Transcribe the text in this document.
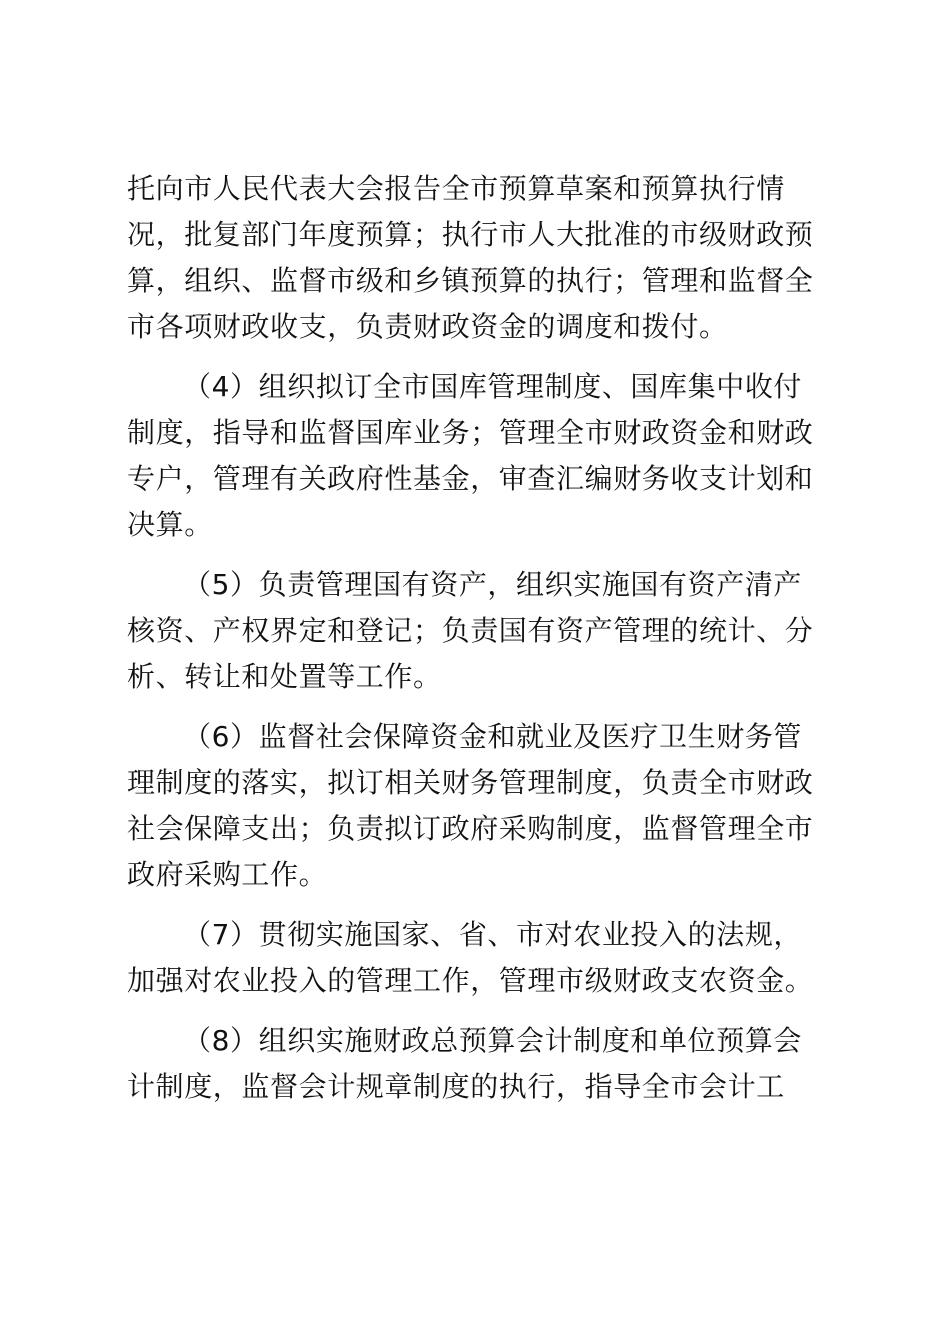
托向市人民代表大会报告全市预算草案和预算执行情
况，批复部门年度预算；执行市人大批准的市级财政预
算，组织、监督市级和乡镇预算的执行；管理和监督全
市各项财政收支，负责财政资金的调度和拨付。

（4）组织拟订全市国库管理制度、国库集中收付
制度，指导和监督国库业务；管理全市财政资金和财政
专户，管理有关政府性基金，审查汇编财务收支计划和
决算。

（5）负责管理国有资产，组织实施国有资产清产
核资、产权界定和登记；负责国有资产管理的统计、分
析、转让和处置等工作。

（6）监督社会保障资金和就业及医疗卫生财务管
理制度的落实，拟订相关财务管理制度，负责全市财政
社会保障支出；负责拟订政府采购制度，监督管理全市
政府采购工作。

（7）贯彻实施国家、省、市对农业投入的法规，
加强对农业投入的管理工作，管理市级财政支农资金。

（8）组织实施财政总预算会计制度和单位预算会
计制度，监督会计规章制度的执行，指导全市会计工
